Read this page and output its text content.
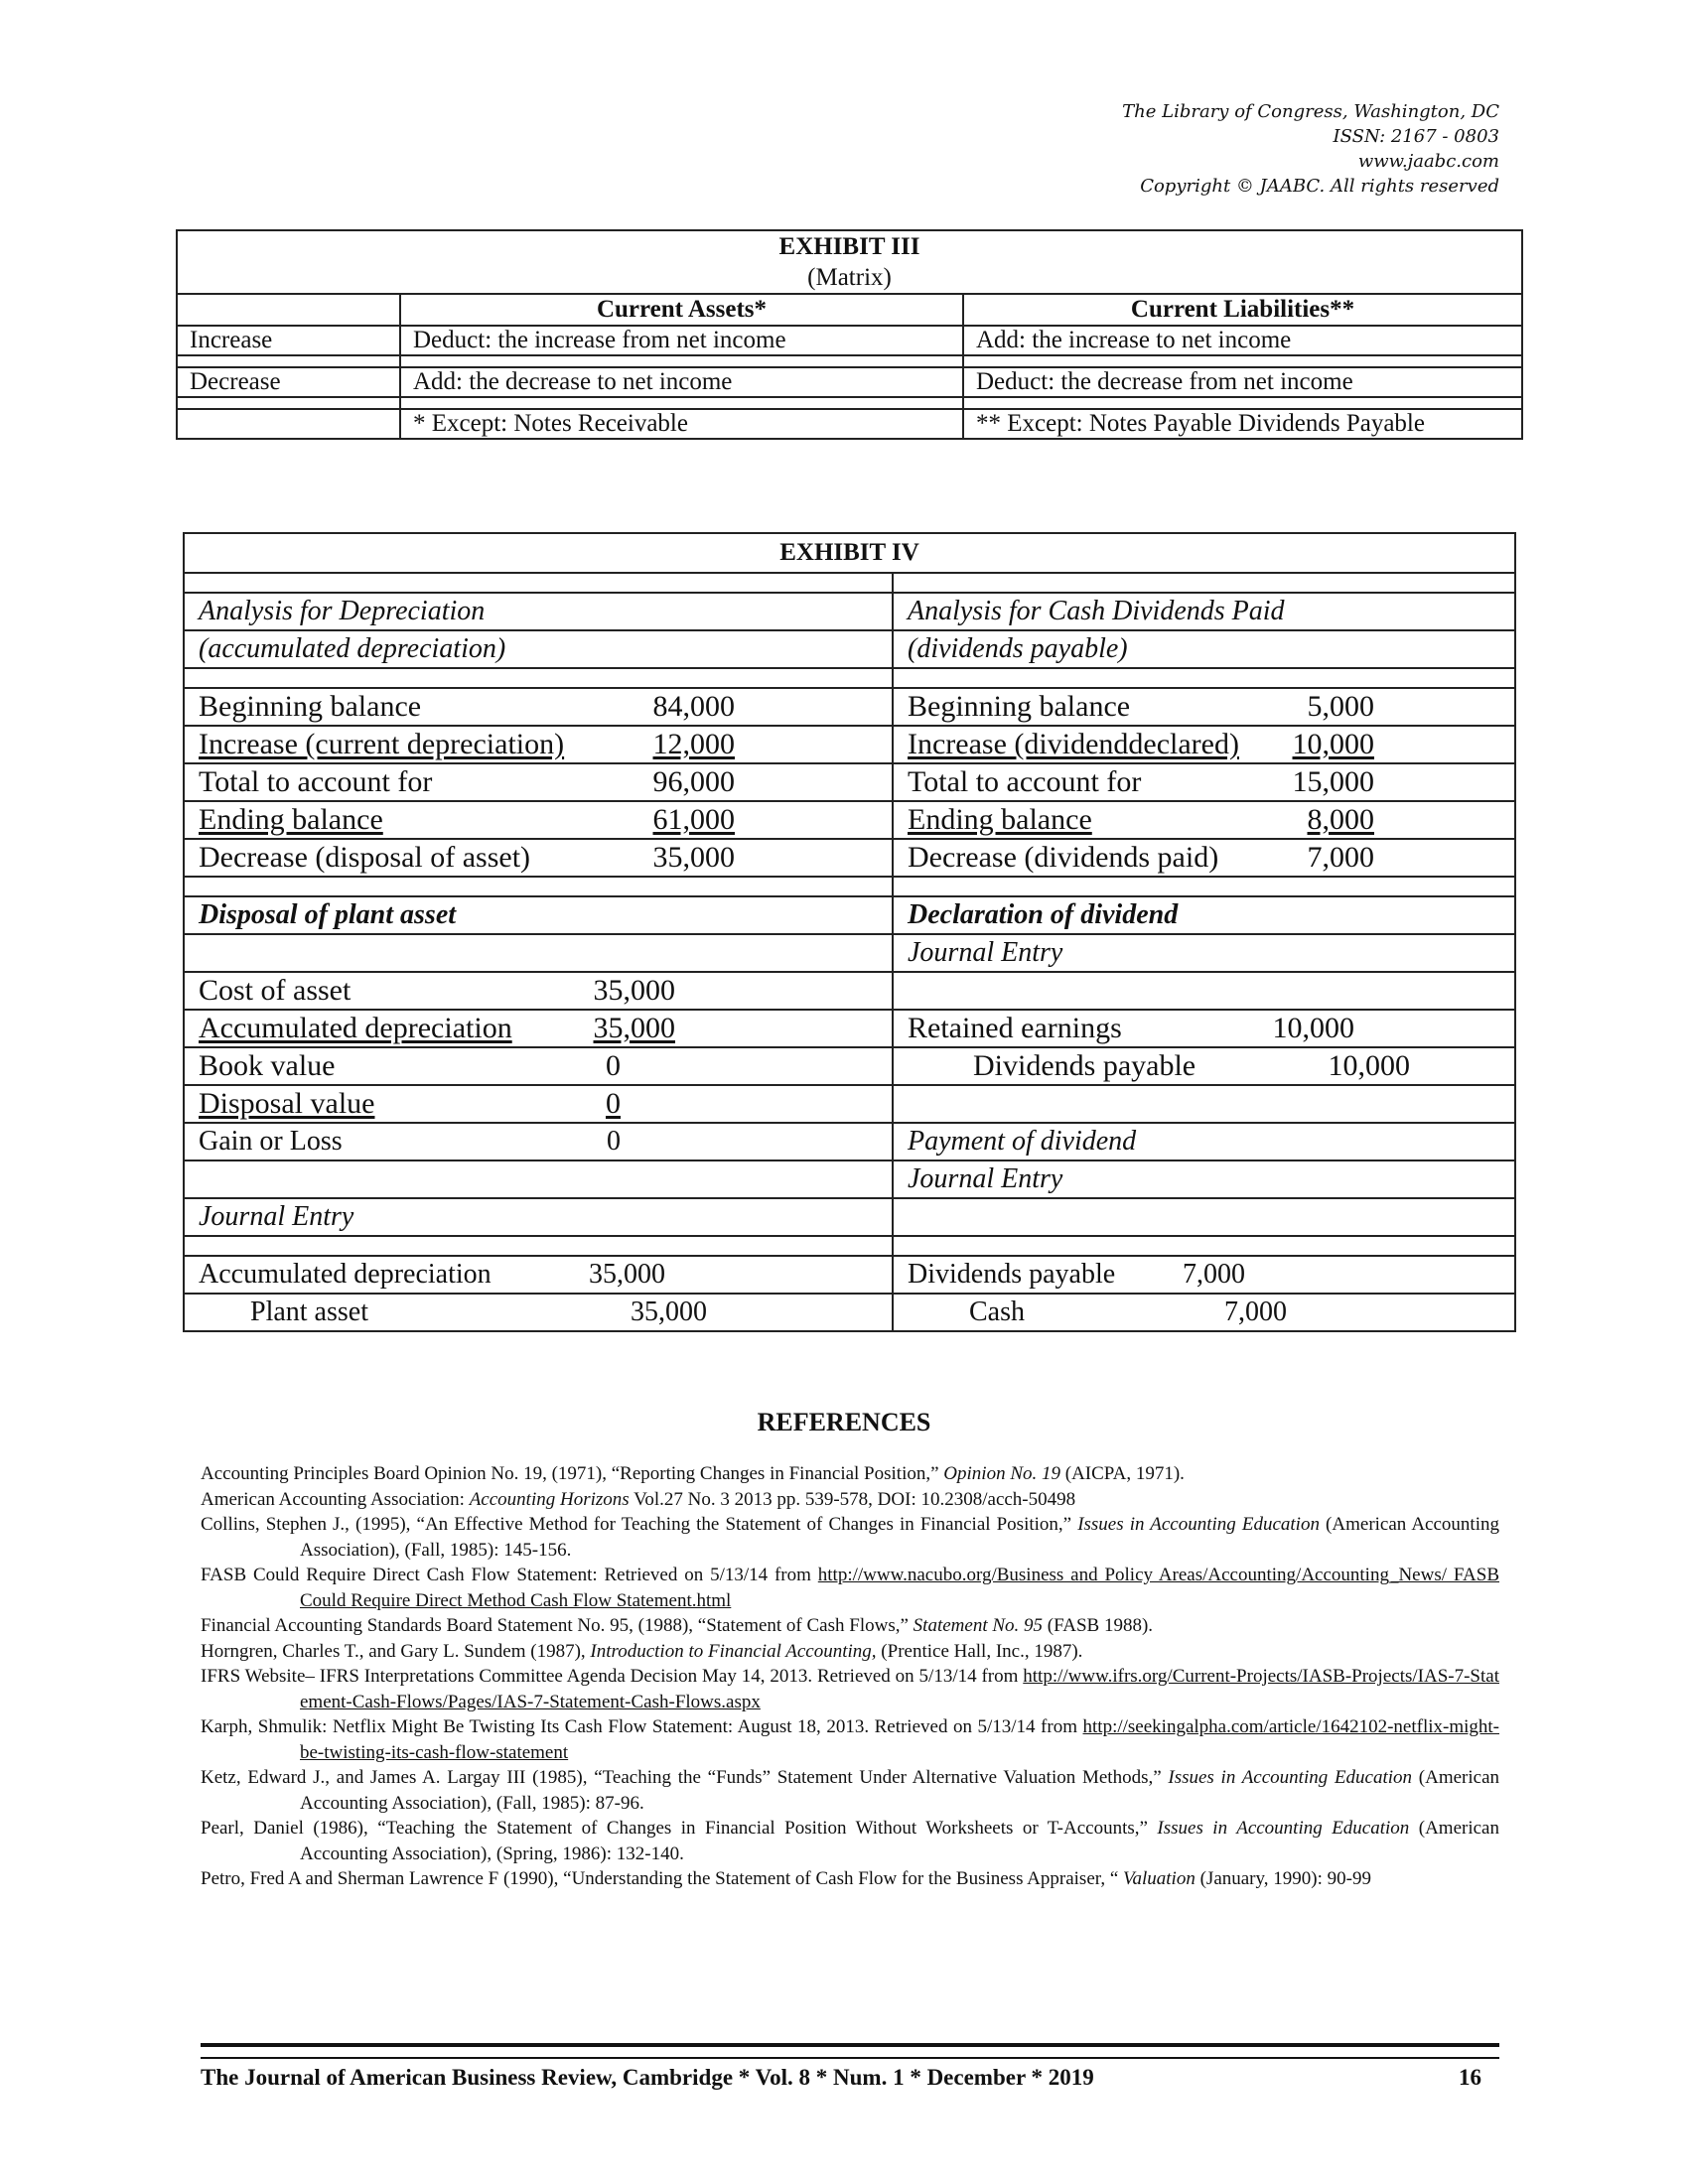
The Library of Congress, Washington, DC
ISSN: 2167 - 0803
www.jaabc.com
Copyright © JAABC. All rights reserved
EXHIBIT III		
(Matrix)		
	Current Assets*	Current Liabilities**
Increase	Deduct: the increase from net income	Add: the increase to net income

Decrease	Add: the decrease to net income	Deduct: the decrease from net income

	* Except: Notes Receivable	** Except: Notes Payable Dividends Payable
EXHIBIT IV	

Analysis for Depreciation	Analysis for Cash Dividends Paid
(accumulated depreciation)	(dividends payable)

Beginning balance 84,000	Beginning balance 5,000

Increase (current depreciation) 12,000	Increase (dividenddeclared) 10,000

Total to account for 96,000	Total to account for 15,000

Ending balance 61,000	Ending balance 8,000

Decrease (disposal of asset) 35,000	Decrease (dividends paid) 7,000

Disposal of plant asset	Declaration of dividend
	Journal Entry

Cost of asset 35,000	

Accumulated depreciation 35,000	Retained earnings 10,000

Book value 0	Dividends payable 10,000

Disposal value 0	

Gain or Loss 0	Payment of dividend
	Journal Entry
Journal Entry	

Accumulated depreciation 35,000	Dividends payable 7,000

Plant asset 35,000	Cash 7,000
REFERENCES
Accounting Principles Board Opinion No. 19, (1971), “Reporting Changes in Financial Position,” Opinion No. 19 (AICPA, 1971).
American Accounting Association: Accounting Horizons Vol.27 No. 3 2013 pp. 539-578, DOI: 10.2308/acch-50498
Collins, Stephen J., (1995), “An Effective Method for Teaching the Statement of Changes in Financial Position,” Issues in Accounting Education (American Accounting Association), (Fall, 1985): 145-156.
FASB Could Require Direct Cash Flow Statement: Retrieved on 5/13/14 from http://www.nacubo.org/Business and Policy Areas/Accounting/Accounting_News/ FASB Could Require Direct Method Cash Flow Statement.html
Financial Accounting Standards Board Statement No. 95, (1988), “Statement of Cash Flows,” Statement No. 95 (FASB 1988).
Horngren, Charles T., and Gary L. Sundem (1987), Introduction to Financial Accounting, (Prentice Hall, Inc., 1987).
IFRS Website– IFRS Interpretations Committee Agenda Decision May 14, 2013. Retrieved on 5/13/14 from http://www.ifrs.org/Current-Projects/IASB-Projects/IAS-7-Statement-Cash-Flows/Pages/IAS-7-Statement-Cash-Flows.aspx
Karph, Shmulik: Netflix Might Be Twisting Its Cash Flow Statement: August 18, 2013. Retrieved on 5/13/14 from http://seekingalpha.com/article/1642102-netflix-might-be-twisting-its-cash-flow-statement
Ketz, Edward J., and James A. Largay III (1985), “Teaching the “Funds” Statement Under Alternative Valuation Methods,” Issues in Accounting Education (American Accounting Association), (Fall, 1985): 87-96.
Pearl, Daniel (1986), “Teaching the Statement of Changes in Financial Position Without Worksheets or T-Accounts,” Issues in Accounting Education (American Accounting Association), (Spring, 1986): 132-140.
Petro, Fred A and Sherman Lawrence F (1990), “Understanding the Statement of Cash Flow for the Business Appraiser, “ Valuation (January, 1990): 90-99
The Journal of American Business Review, Cambridge * Vol. 8 * Num. 1 * December * 2019	16
